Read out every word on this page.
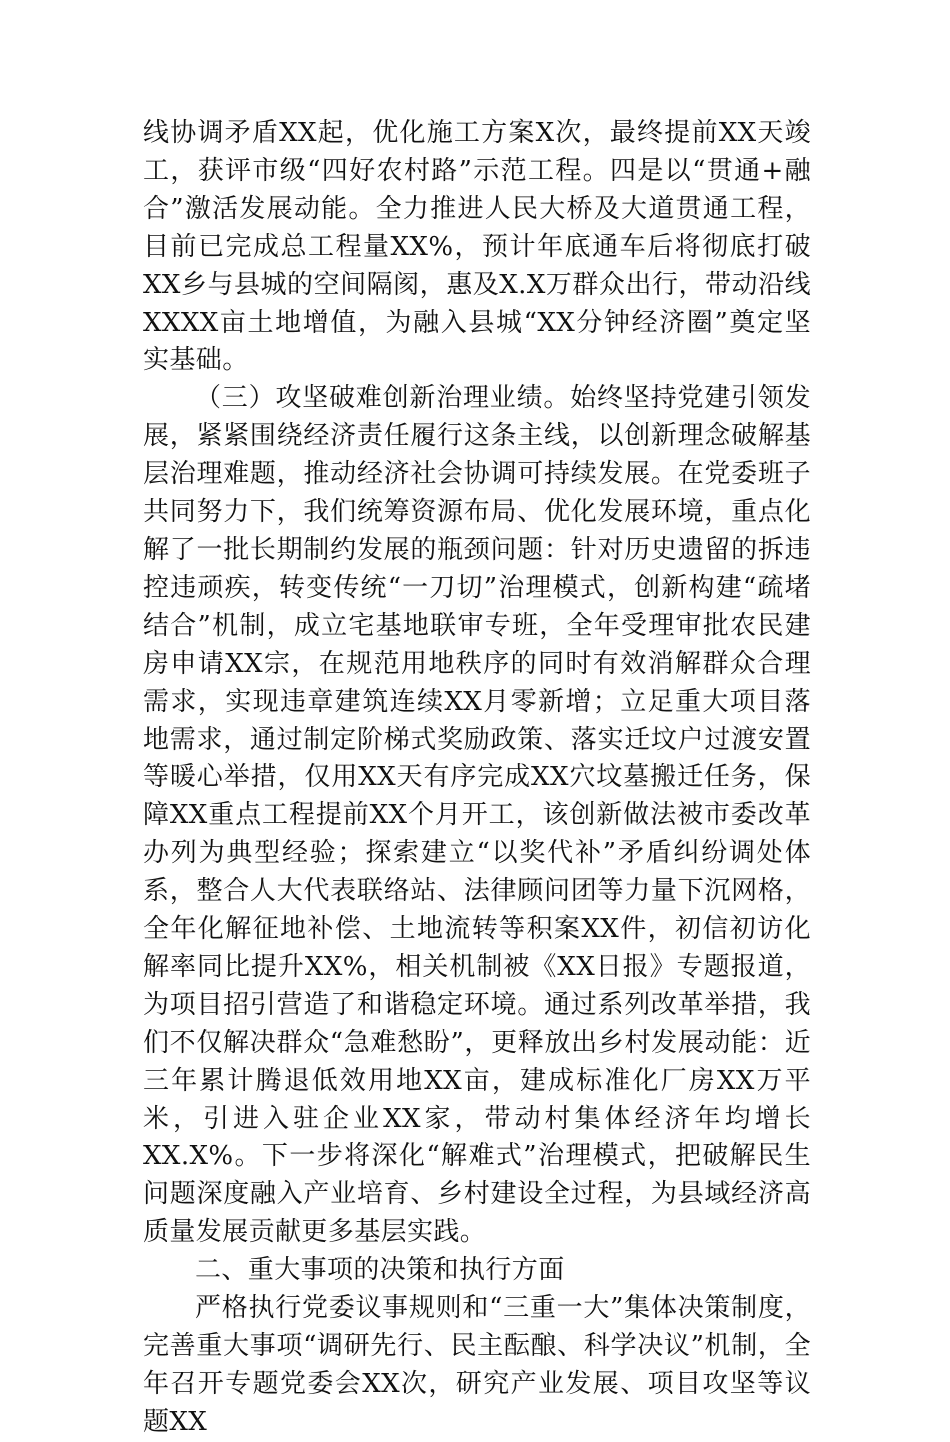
线协调矛盾XX起，优化施工方案X次，最终提前XX天竣工，获评市级“四好农村路”示范工程。四是以“贯通+融合”激活发展动能。全力推进人民大桥及大道贯通工程，目前已完成总工程量XX%，预计年底通车后将彻底打破XX乡与县城的空间隔阂，惠及X.X万群众出行，带动沿线XXXX亩土地增值，为融入县城“XX分钟经济圈”奠定坚实基础。

（三）攻坚破难创新治理业绩。始终坚持党建引领发展，紧紧围绕经济责任履行这条主线，以创新理念破解基层治理难题，推动经济社会协调可持续发展。在党委班子共同努力下，我们统筹资源布局、优化发展环境，重点化解了一批长期制约发展的瓶颈问题：针对历史遗留的拆违控违顽疾，转变传统“一刀切”治理模式，创新构建“疏堵结合”机制，成立宅基地联审专班，全年受理审批农民建房申请XX宗，在规范用地秩序的同时有效消解群众合理需求，实现违章建筑连续XX月零新增；立足重大项目落地需求，通过制定阶梯式奖励政策、落实迁坟户过渡安置等暖心举措，仅用XX天有序完成XX穴坟墓搬迁任务，保障XX重点工程提前XX个月开工，该创新做法被市委改革办列为典型经验；探索建立“以奖代补”矛盾纠纷调处体系，整合人大代表联络站、法律顾问团等力量下沉网格，全年化解征地补偿、土地流转等积案XX件，初信初访化解率同比提升XX%，相关机制被《XX日报》专题报道，为项目招引营造了和谐稳定环境。通过系列改革举措，我们不仅解决群众“急难愁盼”，更释放出乡村发展动能：近三年累计腾退低效用地XX亩，建成标准化厂房XX万平米，引进入驻企业XX家，带动村集体经济年均增长XX.X%。下一步将深化“解难式”治理模式，把破解民生问题深度融入产业培育、乡村建设全过程，为县域经济高质量发展贡献更多基层实践。

二、重大事项的决策和执行方面

严格执行党委议事规则和“三重一大”集体决策制度，完善重大事项“调研先行、民主酝酿、科学决议”机制，全年召开专题党委会XX次，研究产业发展、项目攻坚等议题XX
